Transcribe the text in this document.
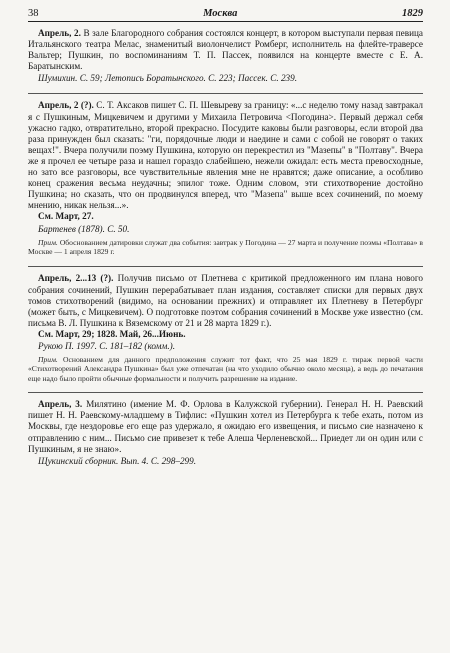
38	Москва	1829

Апрель, 2. В зале Благородного собрания состоялся концерт, в котором выступали первая певица Итальянского театра Мелас, знаменитый виолончелист Ромберг, исполнитель на флейте-траверсе Вальтер; Пушкин, по воспоминаниям Т. П. Пассек, появился на концерте вместе с Е. А. Баратынским.

Шумихин. С. 59; Летопись Боратынского. С. 223; Пассек. С. 239.

Апрель, 2 (?). С. Т. Аксаков пишет С. П. Шевыреву за границу: «...с неделю тому назад завтракал я с Пушкиным, Мицкевичем и другими у Михаила Петровича <Погодина>. Первый держал себя ужасно гадко, отвратительно, второй прекрасно. Посудите каковы были разговоры, если второй два раза принужден был сказать: "ги, порядочные люди и наедине и сами с собой не говорят о таких вещах!". Вчера получили поэму Пушкина, которую он перекрестил из "Мазепы" в "Полтаву". Вчера же я прочел ее четыре раза и нашел гораздо слабейшею, нежели ожидал: есть места превосходные, но зато все разговоры, все чувствительные явления мне не нравятся; даже описание, а особливо конец сражения весьма неудачны; эпилог тоже. Одним словом, эти стихотворение достойно Пушкина; но сказать, что он продвинулся вперед, что "Мазепа" выше всех сочинений, по моему мнению, никак нельзя...».

См. Март, 27.

Бартенев (1878). С. 50.

Прим. Обоснованием датировки служат два события: завтрак у Погодина — 27 марта и получение поэмы «Полтава» в Москве — 1 апреля 1829 г.

Апрель, 2...13 (?). Получив письмо от Плетнева с критикой предложенного им плана нового собрания сочинений, Пушкин перерабатывает план издания, составляет списки для первых двух томов стихотворений (видимо, на основании прежних) и отправляет их Плетневу в Петербург (может быть, с Мицкевичем). О подготовке поэтом собрания сочинений в Москве уже известно (см. письма В. Л. Пушкина к Вяземскому от 21 и 28 марта 1829 г.).

См. Март, 29; 1828. Май, 26...Июнь.

Рукою П. 1997. С. 181–182 (комм.).

Прим. Основанием для данного предположения служит тот факт, что 25 мая 1829 г. тираж первой части «Стихотворений Александра Пушкина» был уже отпечатан (на что уходило обычно около месяца), а ведь до печатания еще надо было пройти обычные формальности и получить разрешение на издание.

Апрель, 3. Милятино (имение М. Ф. Орлова в Калужской губернии). Генерал Н. Н. Раевский пишет Н. Н. Раевскому-младшему в Тифлис: «Пушкин хотел из Петербурга к тебе ехать, потом из Москвы, где нездоровье его еще раз удержало, я ожидаю его извещения, и письмо сие назначено к отправлению с ним... Письмо сие привезет к тебе Алеша Черленевской... Приедет ли он один или с Пушкиным, я не знаю».

Щукинский сборник. Вып. 4. С. 298–299.
